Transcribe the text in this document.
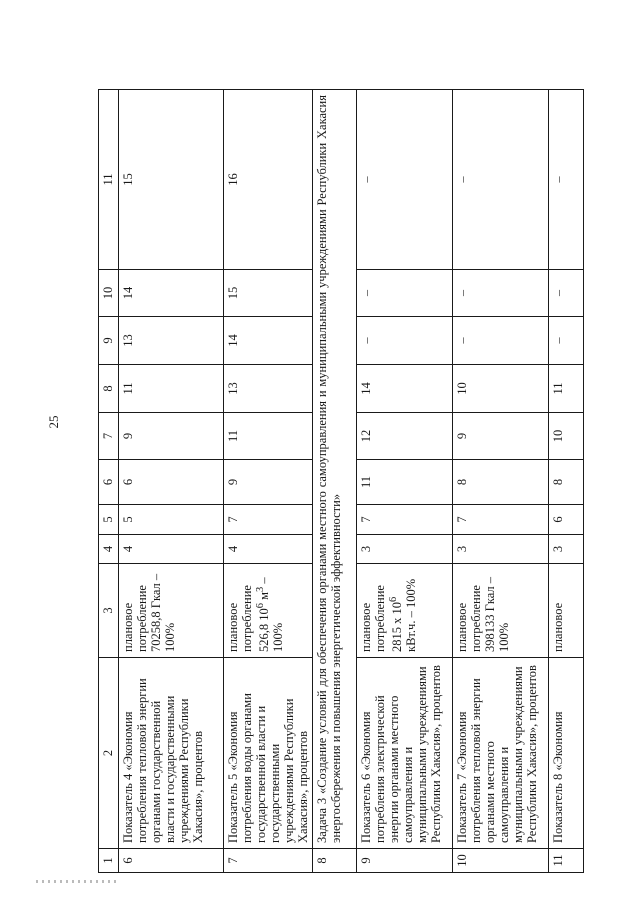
25
1	2	3	4	5	6	7	8	9	10	11
6	Показатель 4 «Экономия потребления тепловой энергии органами государственной власти и государственными учреждениями Республики Хакасия», процентов	плановое потребление 70258,8 Гкал – 100%	4	5	6	9	11	13	14	15
7	Показатель 5 «Экономия потребления воды органами государственной власти и государственными учреждениями Республики Хакасия», процентов	плановое потребление 526,8 $10^6$ $м^3 - 100\%$	4	7	9	11	13	14	15	16
8	Задача 3 «Создание условий для обеспечения органами местного самоуправления и муниципальными учреждениями Республики Хакасия энергосбережения и повышения энергетической эффективности»									
9	Показатель 6 «Экономия потребления электрической энергии органами местного самоуправления и муниципальными учреждениями Республики Хакасия», процентов	плановое потребление 2815 x $10^6$ кВт.ч. – 100%	3	7	11	12	14	–	–	–
10	Показатель 7 «Экономия потребления тепловой энергии органами местного самоуправления и муниципальными учреждениями Республики Хакасия», процентов	плановое потребление 398133 Гкал – 100%	3	7	8	9	10	–	–	–
11	Показатель 8 «Экономия	плановое	3	6	8	10	11	–	–	–
